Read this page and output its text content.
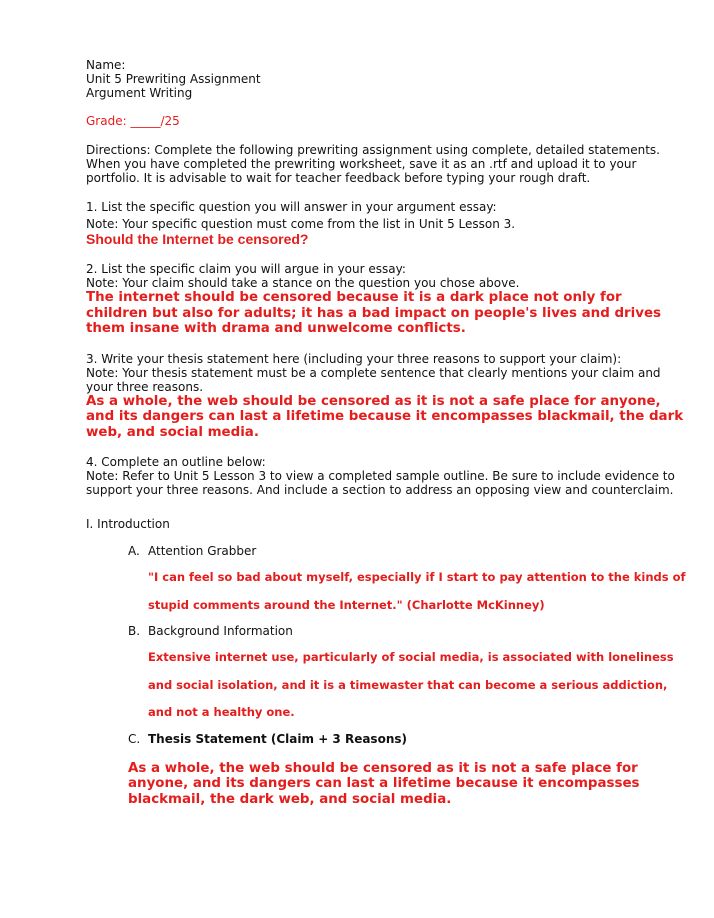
Name:

Unit 5 Prewriting Assignment

Argument Writing

Grade: _____/25

Directions: Complete the following prewriting assignment using complete, detailed statements. When you have completed the prewriting worksheet, save it as an .rtf and upload it to your portfolio. It is advisable to wait for teacher feedback before typing your rough draft.

1. List the specific question you will answer in your argument essay:

Note: Your specific question must come from the list in Unit 5 Lesson 3.

Should the Internet be censored?

2. List the specific claim you will argue in your essay:

Note: Your claim should take a stance on the question you chose above.

The internet should be censored because it is a dark place not only for children but also for adults; it has a bad impact on people's lives and drives them insane with drama and unwelcome conflicts.

3. Write your thesis statement here (including your three reasons to support your claim):

Note: Your thesis statement must be a complete sentence that clearly mentions your claim and your three reasons.

As a whole, the web should be censored as it is not a safe place for anyone, and its dangers can last a lifetime because it encompasses blackmail, the dark web, and social media.

4. Complete an outline below:

Note: Refer to Unit 5 Lesson 3 to view a completed sample outline. Be sure to include evidence to support your three reasons. And include a section to address an opposing view and counterclaim.

I. Introduction

A. Attention Grabber

"I can feel so bad about myself, especially if I start to pay attention to the kinds of stupid comments around the Internet." (Charlotte McKinney)

B. Background Information

Extensive internet use, particularly of social media, is associated with loneliness and social isolation, and it is a timewaster that can become a serious addiction, and not a healthy one.

C. Thesis Statement (Claim + 3 Reasons)

As a whole, the web should be censored as it is not a safe place for anyone, and its dangers can last a lifetime because it encompasses blackmail, the dark web, and social media.
